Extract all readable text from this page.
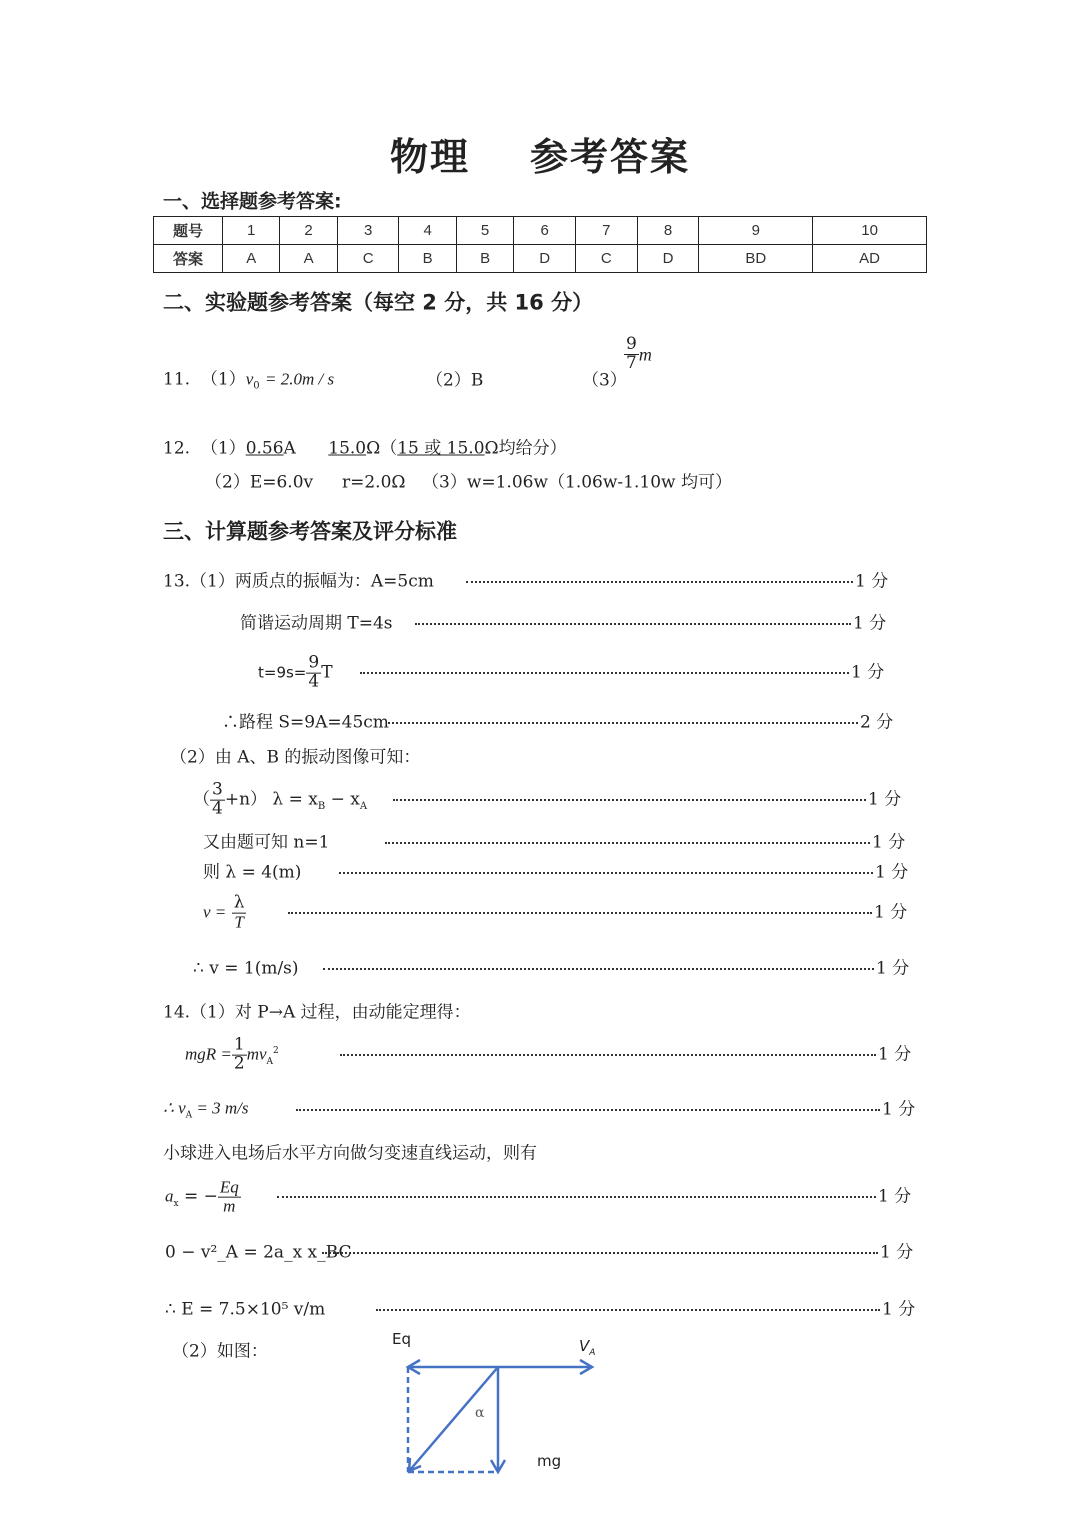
物理 参考答案
一、选择题参考答案:
题号	1	2	3	4	5	6	7	8	9	10
答案	A	A	C	B	B	D	C	D	BD	AD
二、实验题参考答案（每空 2 分，共 16 分）
11. $(1)v_0 = 2.0m / s$	（2）B	（3）
$\frac{9}{7}$ m
12. （1）0.56A 15.0Ω（15 或 15.0Ω均给分）
（2）E=6.0v r=2.0Ω （3）w=1.06w（1.06w-1.10w 均可）
三、计算题参考答案及评分标准
13.（1）两质点的振幅为：A=5cm	1 分
简谐运动周期 T=4s	1 分
$t=9s= \frac{9}{4}$ T	1 分
∴路程 S=9A=45cm	2 分
（2）由 A、B 的振动图像可知：
（ $\frac{3}{4} +n$） $\lambda = x_B - x_A$	1 分
又由题可知 n=1	1 分
则 λ = 4(m)	1 分
$v = \frac{\lambda}{T}$	1 分
∴ v = 1(m/s)	1 分
14.（1）对 P→A 过程，由动能定理得：
mgR = $\frac{1}{2} mv_A^2$	1 分
∴ $v_A = 3$ m/s	1 分
小球进入电场后水平方向做匀变速直线运动，则有
$a_x$ = − $\frac{Eq}{m}$	1 分
0 − v²_A = 2a_x x_BC	1 分
∴ E = 7.5×10⁵ v/m	1 分
（2）如图：
Eq	$V_A$
α
mg
